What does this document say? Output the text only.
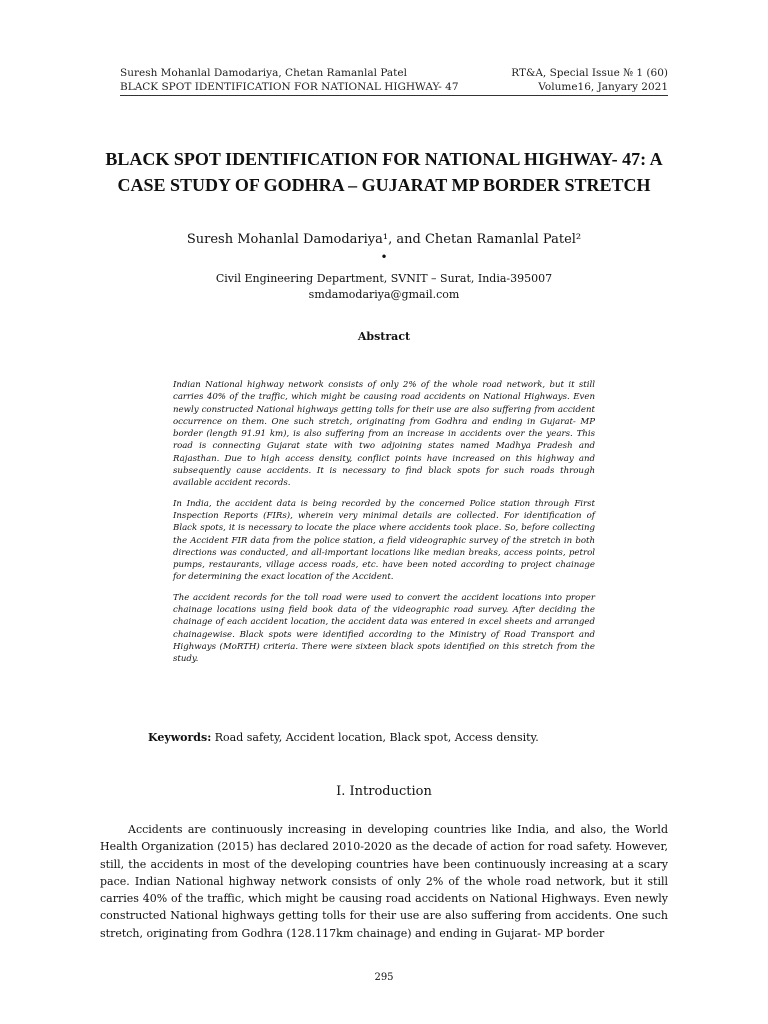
Suresh Mohanlal Damodariya, Chetan Ramanlal Patel	RT&A, Special Issue № 1 (60)
BLACK SPOT IDENTIFICATION FOR NATIONAL HIGHWAY- 47	Volume16, Janyary 2021
BLACK SPOT IDENTIFICATION FOR NATIONAL HIGHWAY- 47: A CASE STUDY OF GODHRA – GUJARAT MP BORDER STRETCH
Suresh Mohanlal Damodariya¹, and Chetan Ramanlal Patel²
•
Civil Engineering Department, SVNIT – Surat, India-395007
smdamodariya@gmail.com
Abstract

Indian National highway network consists of only 2% of the whole road network, but it still carries 40% of the traffic, which might be causing road accidents on National Highways. Even newly constructed National highways getting tolls for their use are also suffering from accident occurrence on them. One such stretch, originating from Godhra and ending in Gujarat- MP border (length 91.91 km), is also suffering from an increase in accidents over the years. This road is connecting Gujarat state with two adjoining states named Madhya Pradesh and Rajasthan. Due to high access density, conflict points have increased on this highway and subsequently cause accidents. It is necessary to find black spots for such roads through available accident records.

In India, the accident data is being recorded by the concerned Police station through First Inspection Reports (FIRs), wherein very minimal details are collected. For identification of Black spots, it is necessary to locate the place where accidents took place. So, before collecting the Accident FIR data from the police station, a field videographic survey of the stretch in both directions was conducted, and all-important locations like median breaks, access points, petrol pumps, restaurants, village access roads, etc. have been noted according to project chainage for determining the exact location of the Accident.

The accident records for the toll road were used to convert the accident locations into proper chainage locations using field book data of the videographic road survey. After deciding the chainage of each accident location, the accident data was entered in excel sheets and arranged chainagewise. Black spots were identified according to the Ministry of Road Transport and Highways (MoRTH) criteria. There were sixteen black spots identified on this stretch from the study.

Keywords: Road safety, Accident location, Black spot, Access density.
I. Introduction

Accidents are continuously increasing in developing countries like India, and also, the World Health Organization (2015) has declared 2010-2020 as the decade of action for road safety. However, still, the accidents in most of the developing countries have been continuously increasing at a scary pace. Indian National highway network consists of only 2% of the whole road network, but it still carries 40% of the traffic, which might be causing road accidents on National Highways. Even newly constructed National highways getting tolls for their use are also suffering from accidents. One such stretch, originating from Godhra (128.117km chainage) and ending in Gujarat- MP border

295
